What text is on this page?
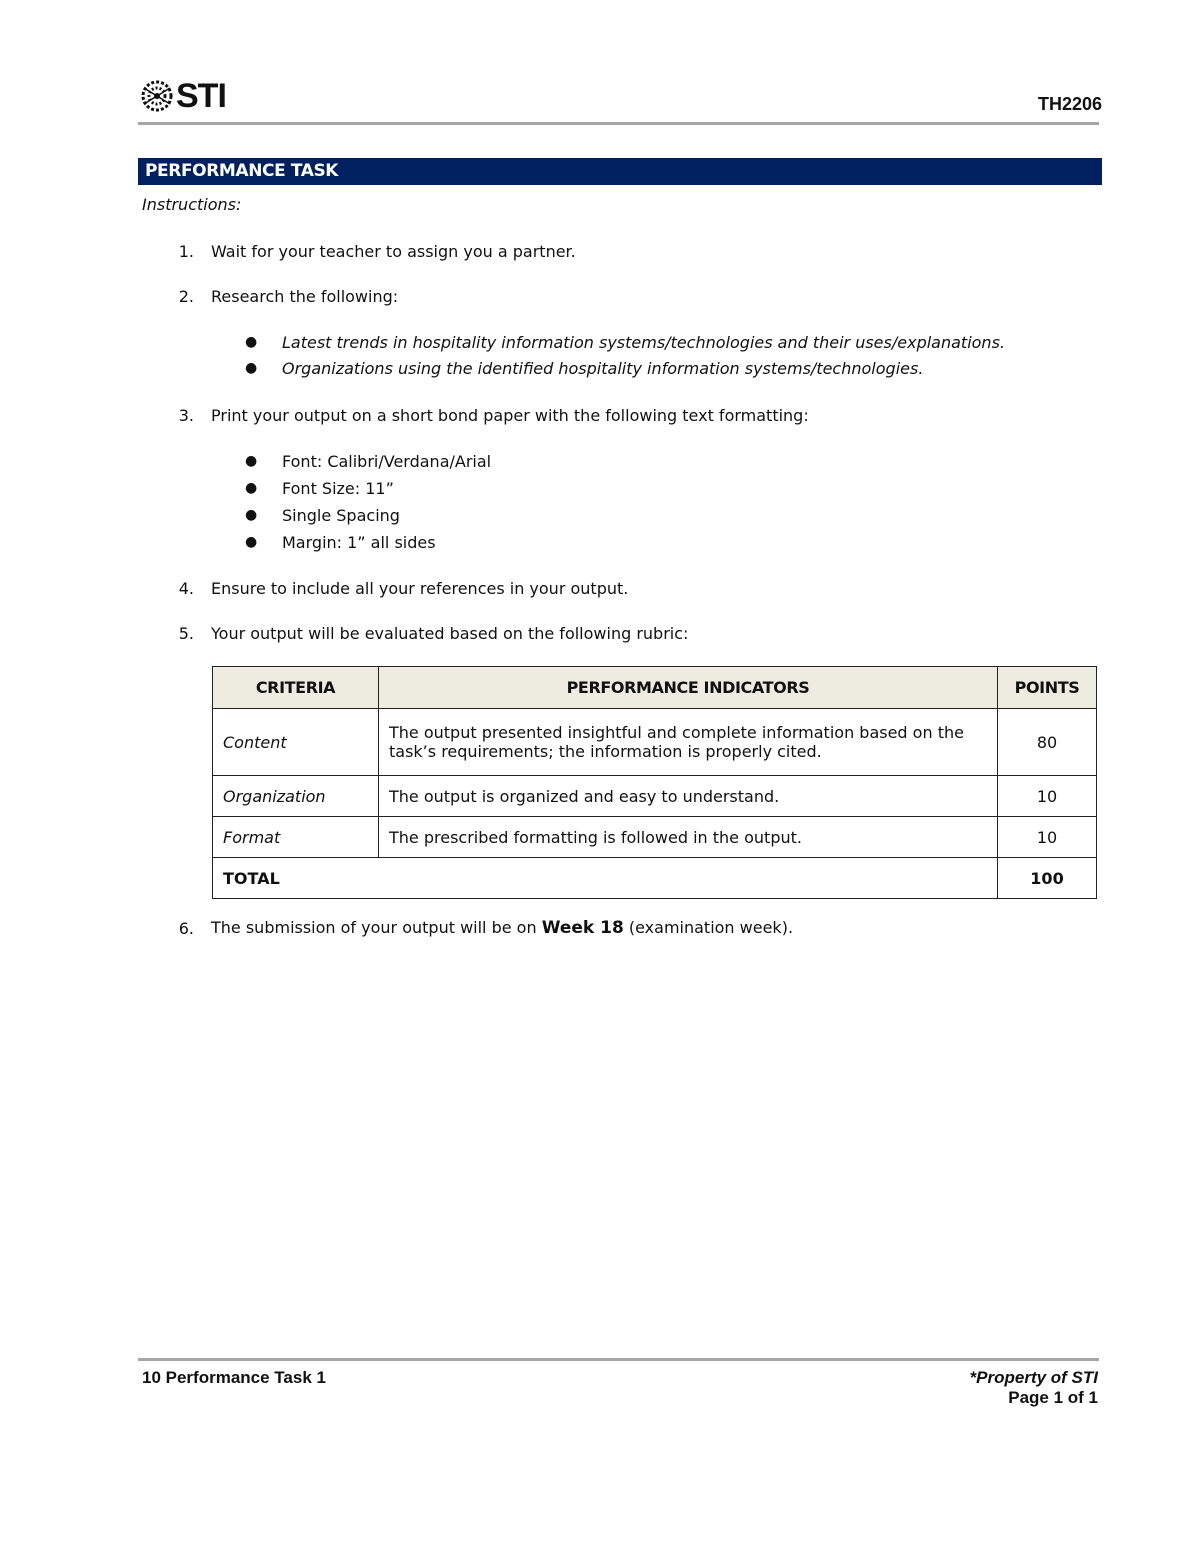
STI	TH2206
PERFORMANCE TASK
Instructions:
1. Wait for your teacher to assign you a partner.
2. Research the following:
● Latest trends in hospitality information systems/technologies and their uses/explanations.
● Organizations using the identified hospitality information systems/technologies.
3. Print your output on a short bond paper with the following text formatting:
● Font: Calibri/Verdana/Arial
● Font Size: 11”
● Single Spacing
● Margin: 1” all sides
4. Ensure to include all your references in your output.
5. Your output will be evaluated based on the following rubric:
CRITERIA	PERFORMANCE INDICATORS	POINTS
Content	The output presented insightful and complete information based on the task’s requirements; the information is properly cited.	80
Organization	The output is organized and easy to understand.	10
Format	The prescribed formatting is followed in the output.	10
TOTAL		100
6. The submission of your output will be on Week 18 (examination week).
10 Performance Task 1	*Property of STI
Page 1 of 1
